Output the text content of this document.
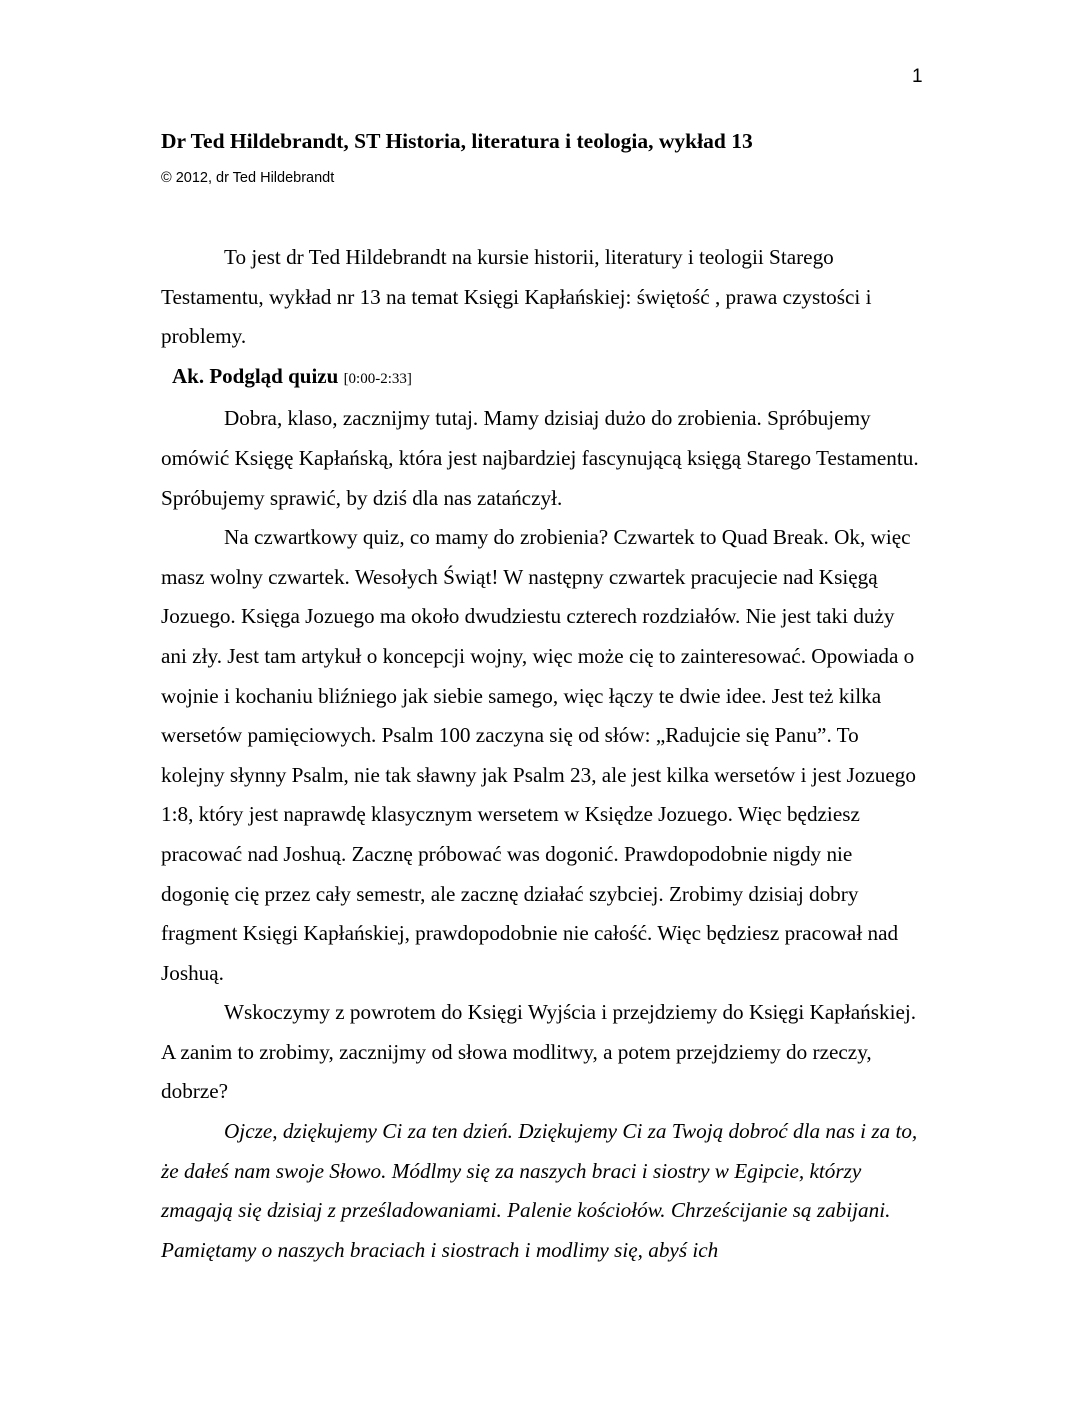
1
Dr Ted Hildebrandt, ST Historia, literatura i teologia, wykład 13
© 2012, dr Ted Hildebrandt

To jest dr Ted Hildebrandt na kursie historii, literatury i teologii Starego Testamentu, wykład nr 13 na temat Księgi Kapłańskiej: świętość , prawa czystości i problemy.

Ak. Podgląd quizu [0:00-2:33]

Dobra, klaso, zacznijmy tutaj. Mamy dzisiaj dużo do zrobienia. Spróbujemy omówić Księgę Kapłańską, która jest najbardziej fascynującą księgą Starego Testamentu. Spróbujemy sprawić, by dziś dla nas zatańczył.

Na czwartkowy quiz, co mamy do zrobienia? Czwartek to Quad Break. Ok, więc masz wolny czwartek. Wesołych Świąt! W następny czwartek pracujecie nad Księgą Jozuego. Księga Jozuego ma około dwudziestu czterech rozdziałów. Nie jest taki duży ani zły. Jest tam artykuł o koncepcji wojny, więc może cię to zainteresować. Opowiada o wojnie i kochaniu bliźniego jak siebie samego, więc łączy te dwie idee. Jest też kilka wersetów pamięciowych. Psalm 100 zaczyna się od słów: „Radujcie się Panu”. To kolejny słynny Psalm, nie tak sławny jak Psalm 23, ale jest kilka wersetów i jest Jozuego 1:8, który jest naprawdę klasycznym wersetem w Księdze Jozuego. Więc będziesz pracować nad Joshuą. Zacznę próbować was dogonić. Prawdopodobnie nigdy nie dogonię cię przez cały semestr, ale zacznę działać szybciej. Zrobimy dzisiaj dobry fragment Księgi Kapłańskiej, prawdopodobnie nie całość. Więc będziesz pracował nad Joshuą.

Wskoczymy z powrotem do Księgi Wyjścia i przejdziemy do Księgi Kapłańskiej. A zanim to zrobimy, zacznijmy od słowa modlitwy, a potem przejdziemy do rzeczy, dobrze?

Ojcze, dziękujemy Ci za ten dzień. Dziękujemy Ci za Twoją dobroć dla nas i za to, że dałeś nam swoje Słowo. Módlmy się za naszych braci i siostry w Egipcie, którzy zmagają się dzisiaj z prześladowaniami. Palenie kościołów. Chrześcijanie są zabijani. Pamiętamy o naszych braciach i siostrach i modlimy się, abyś ich
